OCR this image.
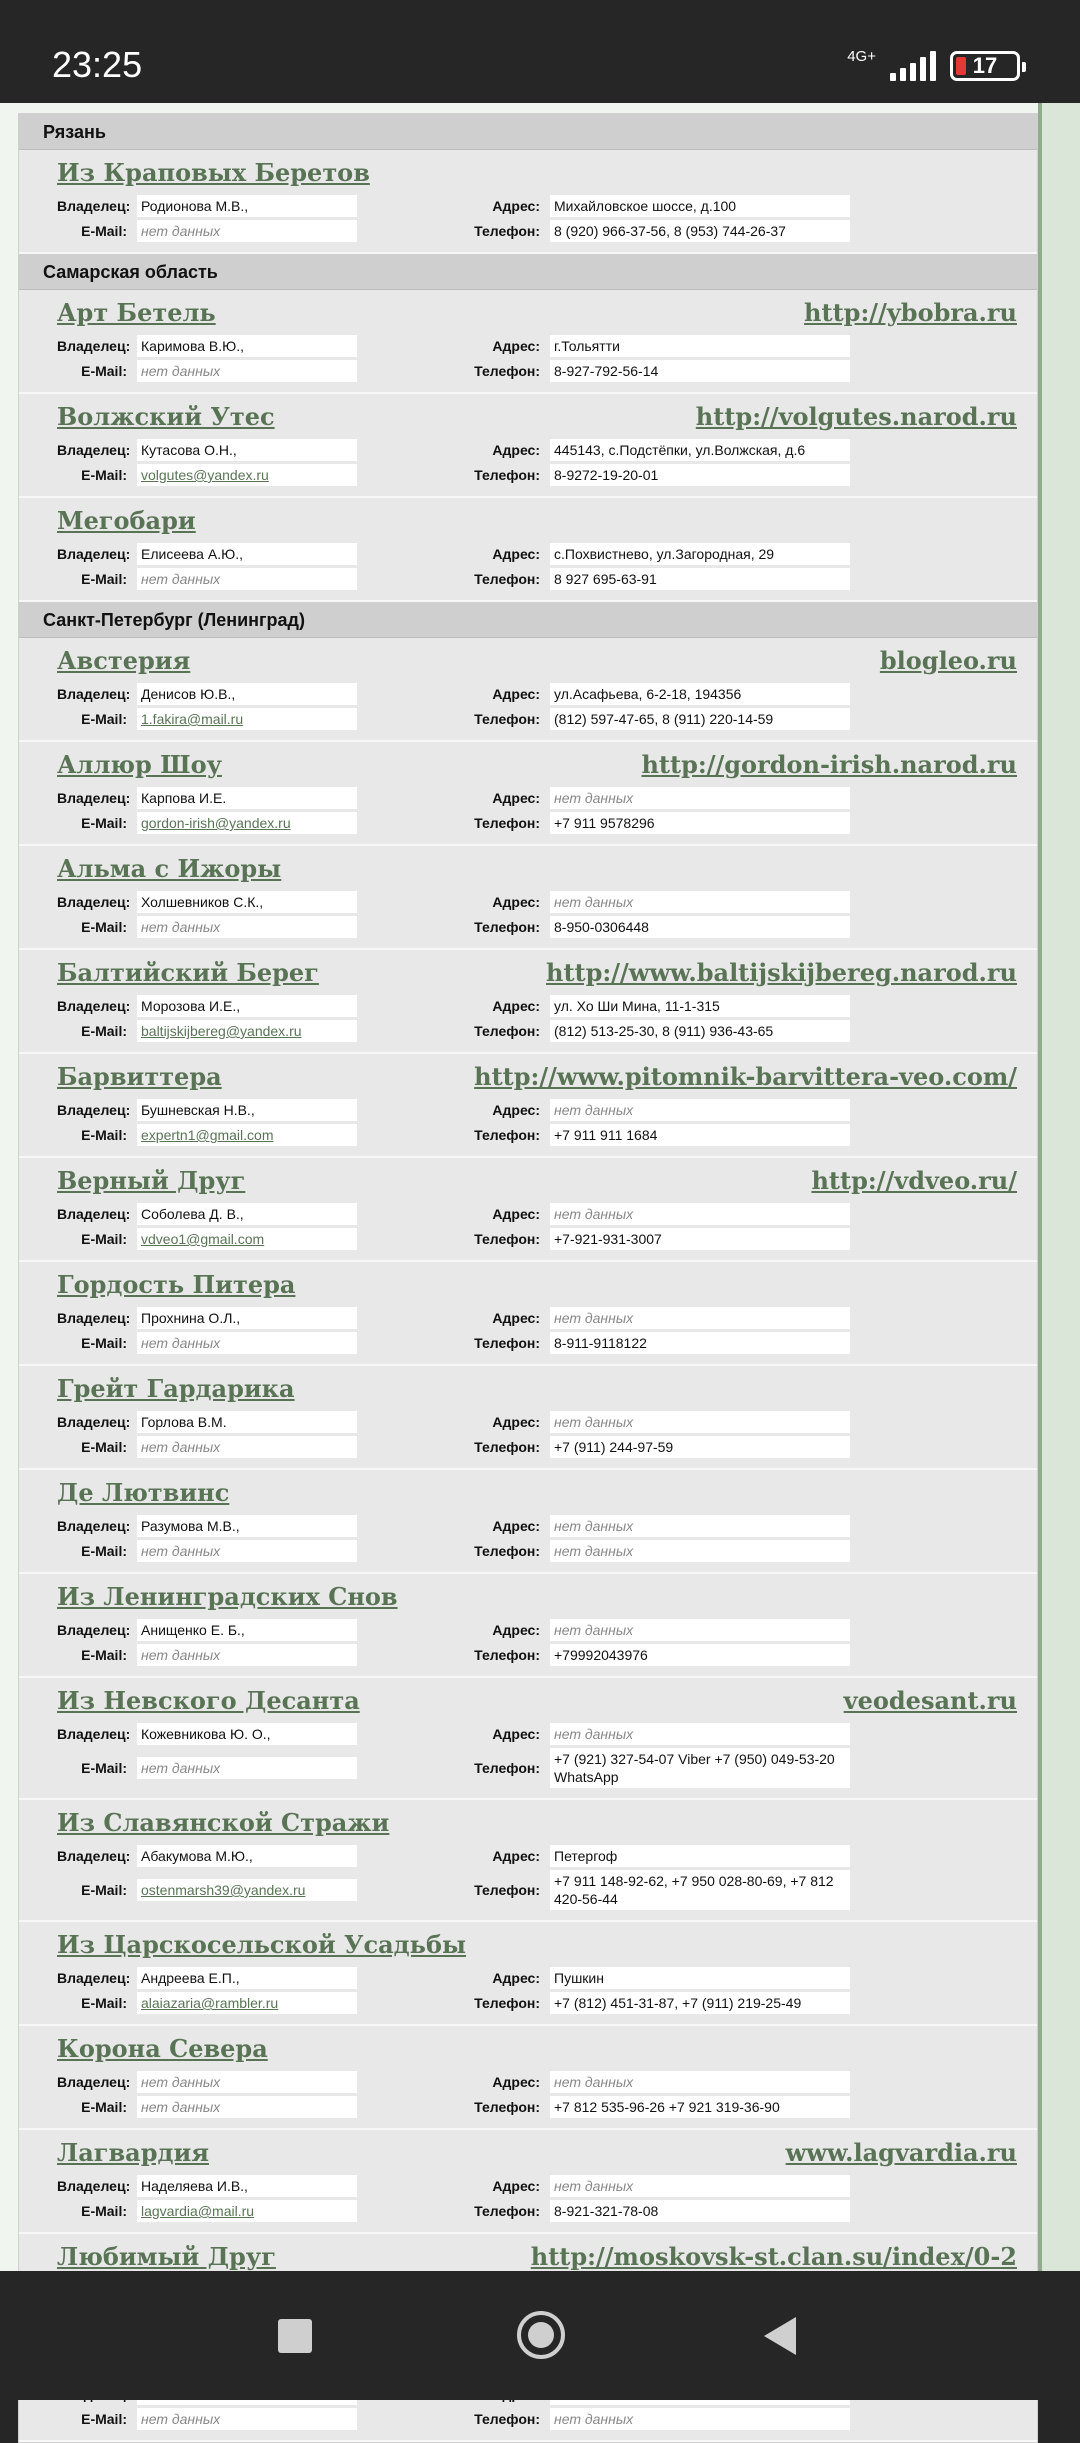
23:25	4G+	17
Рязань
Из Краповых Беретов
Владелец: Родионова М.В.,	Адрес:	Михайловское шоссе, д.100
E-Mail:	нет данных	Телефон:	8 (920) 966-37-56, 8 (953) 744-26-37
Самарская область
Арт Бетель	http://ybobra.ru
Владелец: Каримова В.Ю.,	Адрес:	г.Тольятти
E-Mail:	нет данных	Телефон:	8-927-792-56-14
Волжский Утес	http://volgutes.narod.ru
Владелец: Кутасова О.Н.,	Адрес:	445143, с.Подстёпки, ул.Волжская, д.6
E-Mail:	volgutes@yandex.ru	Телефон:	8-9272-19-20-01
Мегобари
Владелец: Елисеева А.Ю.,	Адрес:	с.Похвистнево, ул.Загородная, 29
E-Mail:	нет данных	Телефон:	8 927 695-63-91
Санкт-Петербург (Ленинград)
Австерия	blogleo.ru
Владелец: Денисов Ю.В.,	Адрес:	ул.Асафьева, 6-2-18, 194356
E-Mail:	1.fakira@mail.ru	Телефон:	(812) 597-47-65, 8 (911) 220-14-59
Аллюр Шоу	http://gordon-irish.narod.ru
Владелец: Карпова И.Е.	Адрес:	нет данных
E-Mail:	gordon-irish@yandex.ru	Телефон:	+7 911 9578296
Альма с Ижоры
Владелец: Холшевников С.К.,	Адрес:	нет данных
E-Mail:	нет данных	Телефон:	8-950-0306448
Балтийский Берег	http://www.baltijskijbereg.narod.ru
Владелец: Морозова И.Е.,	Адрес:	ул. Хо Ши Мина, 11-1-315
E-Mail:	baltijskijbereg@yandex.ru	Телефон:	(812) 513-25-30, 8 (911) 936-43-65
Барвиттера	http://www.pitomnik-barvittera-veo.com/
Владелец: Бушневская Н.В.,	Адрес:	нет данных
E-Mail:	expertn1@gmail.com	Телефон:	+7 911 911 1684
Верный Друг	http://vdveo.ru/
Владелец: Соболева Д. В.,	Адрес:	нет данных
E-Mail:	vdveo1@gmail.com	Телефон:	+7-921-931-3007
Гордость Питера
Владелец: Прохнина О.Л.,	Адрес:	нет данных
E-Mail:	нет данных	Телефон:	8-911-9118122
Грейт Гардарика
Владелец: Горлова В.М.	Адрес:	нет данных
E-Mail:	нет данных	Телефон:	+7 (911) 244-97-59
Де Лютвинс
Владелец: Разумова М.В.,	Адрес:	нет данных
E-Mail:	нет данных	Телефон:	нет данных
Из Ленинградских Снов
Владелец: Анищенко Е. Б.,	Адрес:	нет данных
E-Mail:	нет данных	Телефон:	+79992043976
Из Невского Десанта	veodesant.ru
Владелец: Кожевникова Ю. О.,	Адрес:	нет данных
E-Mail:	нет данных	Телефон:
+7 (921) 327-54-07 Viber +7 (950) 049-53-20 WhatsApp
Из Славянской Стражи
Владелец: Абакумова М.Ю.,	Адрес:	Петергоф
E-Mail:	ostenmarsh39@yandex.ru	Телефон:
+7 911 148-92-62, +7 950 028-80-69, +7 812 420-56-44
Из Царскосельской Усадьбы
Владелец: Андреева Е.П.,	Адрес:	Пушкин
E-Mail:	alaiazaria@rambler.ru	Телефон:	+7 (812) 451-31-87, +7 (911) 219-25-49
Корона Севера
Владелец: нет данных	Адрес:	нет данных
E-Mail:	нет данных	Телефон:	+7 812 535-96-26 +7 921 319-36-90
Лагвардия	www.lagvardia.ru
Владелец: Наделяева И.В.,	Адрес:	нет данных
E-Mail:	lagvardia@mail.ru	Телефон:	8-921-321-78-08
Любимый Друг	http://moskovsk-st.clan.su/index/0-2
E-Mail:	нет данных	Телефон:	нет данных
